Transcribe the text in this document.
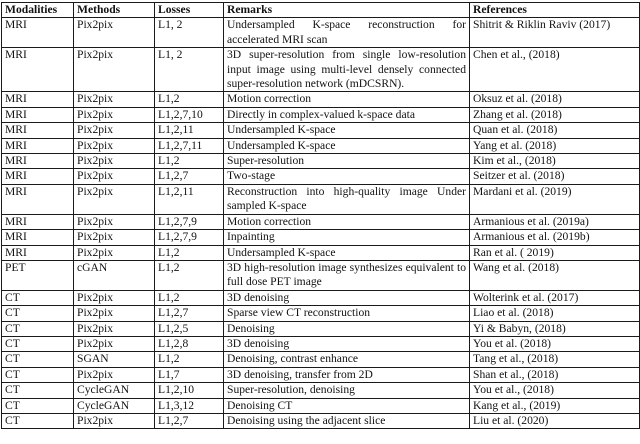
Modalities	Methods	Losses	Remarks	References
MRI	Pix2pix	L1, 2	Undersampled K-space reconstruction for accelerated MRI scan	Shitrit & Riklin Raviv (2017)
MRI	Pix2pix	L1, 2	3D super-resolution from single low-resolution input image using multi-level densely connected super-resolution network (mDCSRN).	Chen et al., (2018)
MRI	Pix2pix	L1,2	Motion correction	Oksuz et al. (2018)
MRI	Pix2pix	L1,2,7,10	Directly in complex-valued k-space data	Zhang et al. (2018)
MRI	Pix2pix	L1,2,11	Undersampled K-space	Quan et al. (2018)
MRI	Pix2pix	L1,2,7,11	Undersampled K-space	Yang et al. (2018)
MRI	Pix2pix	L1,2	Super-resolution	Kim et al., (2018)
MRI	Pix2pix	L1,2,7	Two-stage	Seitzer et al. (2018)
MRI	Pix2pix	L1,2,11	Reconstruction into high-quality image Under sampled K-space	Mardani et al. (2019)
MRI	Pix2pix	L1,2,7,9	Motion correction	Armanious et al. (2019a)
MRI	Pix2pix	L1,2,7,9	Inpainting	Armanious et al. (2019b)
MRI	Pix2pix	L1,2	Undersampled K-space	Ran et al. ( 2019)
PET	cGAN	L1,2	3D high-resolution image synthesizes equivalent to full dose PET image	Wang et al. (2018)
CT	Pix2pix	L1,2	3D denoising	Wolterink et al. (2017)
CT	Pix2pix	L1,2,7	Sparse view CT reconstruction	Liao et al. (2018)
CT	Pix2pix	L1,2,5	Denoising	Yi & Babyn, (2018)
CT	Pix2pix	L1,2,8	3D denoising	You et al. (2018)
CT	SGAN	L1,2	Denoising, contrast enhance	Tang et al., (2018)
CT	Pix2pix	L1,7	3D denoising, transfer from 2D	Shan et al., (2018)
CT	CycleGAN	L1,2,10	Super-resolution, denoising	You et al., (2018)
CT	CycleGAN	L1,3,12	Denoising CT	Kang et al., (2019)
CT	Pix2pix	L1,2,7	Denoising using the adjacent slice	Liu et al. (2020)
